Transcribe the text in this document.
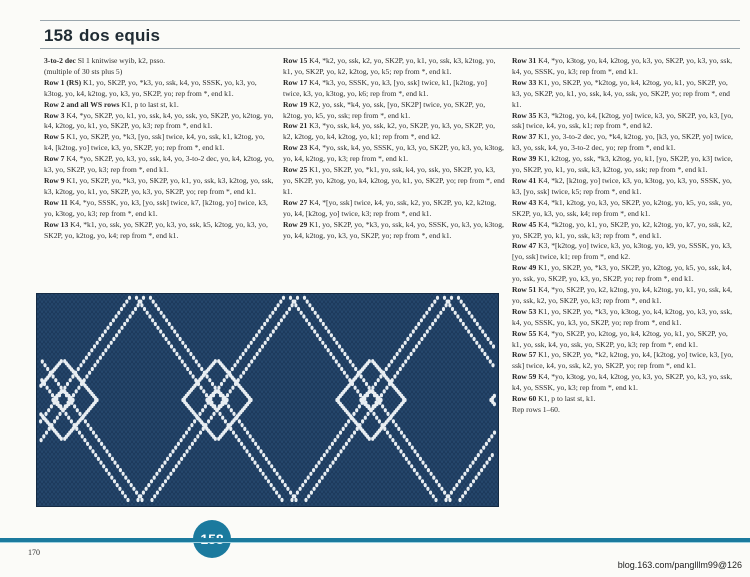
158 dos equis

3-to-2 dec Sl 1 knitwise wyib, k2, psso.

(multiple of 30 sts plus 5)

Row 1 (RS) K1, yo, SK2P, yo, *k3, yo, ssk, k4, yo, SSSK, yo, k3, yo, k3tog, yo, k4, k2tog, yo, k3, yo, SK2P, yo; rep from *, end k1.

Row 2 and all WS rows K1, p to last st, k1.

Row 3 K4, *yo, SK2P, yo, k1, yo, ssk, k4, yo, ssk, yo, SK2P, yo, k2tog, yo, k4, k2tog, yo, k1, yo, SK2P, yo, k3; rep from *, end k1.

Row 5 K1, yo, SK2P, yo, *k3, [yo, ssk] twice, k4, yo, ssk, k1, k2tog, yo, k4, [k2tog, yo] twice, k3, yo, SK2P, yo; rep from *, end k1.

Row 7 K4, *yo, SK2P, yo, k3, yo, ssk, k4, yo, 3-to-2 dec, yo, k4, k2tog, yo, k3, yo, SK2P, yo, k3; rep from *, end k1.

Row 9 K1, yo, SK2P, yo, *k3, yo, SK2P, yo, k1, yo, ssk, k3, k2tog, yo, ssk, k3, k2tog, yo, k1, yo, SK2P, yo, k3, yo, SK2P, yo; rep from *, end k1.

Row 11 K4, *yo, SSSK, yo, k3, [yo, ssk] twice, k7, [k2tog, yo] twice, k3, yo, k3tog, yo, k3; rep from *, end k1.

Row 13 K4, *k1, yo, ssk, yo, SK2P, yo, k3, yo, ssk, k5, k2tog, yo, k3, yo, SK2P, yo, k2tog, yo, k4; rep from *, end k1.

Row 15 K4, *k2, yo, ssk, k2, yo, SK2P, yo, k1, yo, ssk, k3, k2tog, yo, k1, yo, SK2P, yo, k2, k2tog, yo, k5; rep from *, end k1.

Row 17 K4, *k3, yo, SSSK, yo, k3, [yo, ssk] twice, k1, [k2tog, yo] twice, k3, yo, k3tog, yo, k6; rep from *, end k1.

Row 19 K2, yo, ssk, *k4, yo, ssk, [yo, SK2P] twice, yo, SK2P, yo, k2tog, yo, k5, yo, ssk; rep from *, end k1.

Row 21 K3, *yo, ssk, k4, yo, ssk, k2, yo, SK2P, yo, k3, yo, SK2P, yo, k2, k2tog, yo, k4, k2tog, yo, k1; rep from *, end k2.

Row 23 K4, *yo, ssk, k4, yo, SSSK, yo, k3, yo, SK2P, yo, k3, yo, k3tog, yo, k4, k2tog, yo, k3; rep from *, end k1.

Row 25 K1, yo, SK2P, yo, *k1, yo, ssk, k4, yo, ssk, yo, SK2P, yo, k3, yo, SK2P, yo, k2tog, yo, k4, k2tog, yo, k1, yo, SK2P, yo; rep from *, end k1.

Row 27 K4, *[yo, ssk] twice, k4, yo, ssk, k2, yo, SK2P, yo, k2, k2tog, yo, k4, [k2tog, yo] twice, k3; rep from *, end k1.

Row 29 K1, yo, SK2P, yo, *k3, yo, ssk, k4, yo, SSSK, yo, k3, yo, k3tog, yo, k4, k2tog, yo, k3, yo, SK2P, yo; rep from *, end k1.

Row 31 K4, *yo, k3tog, yo, k4, k2tog, yo, k3, yo, SK2P, yo, k3, yo, ssk, k4, yo, SSSK, yo, k3; rep from *, end k1.

Row 33 K1, yo, SK2P, yo, *k2tog, yo, k4, k2tog, yo, k1, yo, SK2P, yo, k3, yo, SK2P, yo, k1, yo, ssk, k4, yo, ssk, yo, SK2P, yo; rep from *, end k1.

Row 35 K3, *k2tog, yo, k4, [k2tog, yo] twice, k3, yo, SK2P, yo, k3, [yo, ssk] twice, k4, yo, ssk, k1; rep from *, end k2.

Row 37 K1, yo, 3-to-2 dec, yo, *k4, k2tog, yo, [k3, yo, SK2P, yo] twice, k3, yo, ssk, k4, yo, 3-to-2 dec, yo; rep from *, end k1.

Row 39 K1, k2tog, yo, ssk, *k3, k2tog, yo, k1, [yo, SK2P, yo, k3] twice, yo, SK2P, yo, k1, yo, ssk, k3, k2tog, yo, ssk; rep from *, end k1.

Row 41 K4, *k2, [k2tog, yo] twice, k3, yo, k3tog, yo, k3, yo, SSSK, yo, k3, [yo, ssk] twice, k5; rep from *, end k1.

Row 43 K4, *k1, k2tog, yo, k3, yo, SK2P, yo, k2tog, yo, k5, yo, ssk, yo, SK2P, yo, k3, yo, ssk, k4; rep from *, end k1.

Row 45 K4, *k2tog, yo, k1, yo, SK2P, yo, k2, k2tog, yo, k7, yo, ssk, k2, yo, SK2P, yo, k1, yo, ssk, k3; rep from *, end k1.

Row 47 K3, *[k2tog, yo] twice, k3, yo, k3tog, yo, k9, yo, SSSK, yo, k3, [yo, ssk] twice, k1; rep from *, end k2.

Row 49 K1, yo, SK2P, yo, *k3, yo, SK2P, yo, k2tog, yo, k5, yo, ssk, k4, yo, ssk, yo, SK2P, yo, k3, yo, SK2P, yo; rep from *, end k1.

Row 51 K4, *yo, SK2P, yo, k2, k2tog, yo, k4, k2tog, yo, k1, yo, ssk, k4, yo, ssk, k2, yo, SK2P, yo, k3; rep from *, end k1.

Row 53 K1, yo, SK2P, yo, *k3, yo, k3tog, yo, k4, k2tog, yo, k3, yo, ssk, k4, yo, SSSK, yo, k3, yo, SK2P, yo; rep from *, end k1.

Row 55 K4, *yo, SK2P, yo, k2tog, yo, k4, k2tog, yo, k1, yo, SK2P, yo, k1, yo, ssk, k4, yo, ssk, yo, SK2P, yo, k3; rep from *, end k1.

Row 57 K1, yo, SK2P, yo, *k2, k2tog, yo, k4, [k2tog, yo] twice, k3, [yo, ssk] twice, k4, yo, ssk, k2, yo, SK2P, yo; rep from *, end k1.

Row 59 K4, *yo, k3tog, yo, k4, k2tog, yo, k3, yo, SK2P, yo, k3, yo, ssk, k4, yo, SSSK, yo, k3; rep from *, end k1.

Row 60 K1, p to last st, k1.

Rep rows 1–60.

170
blog.163.com/panglllm99@126
